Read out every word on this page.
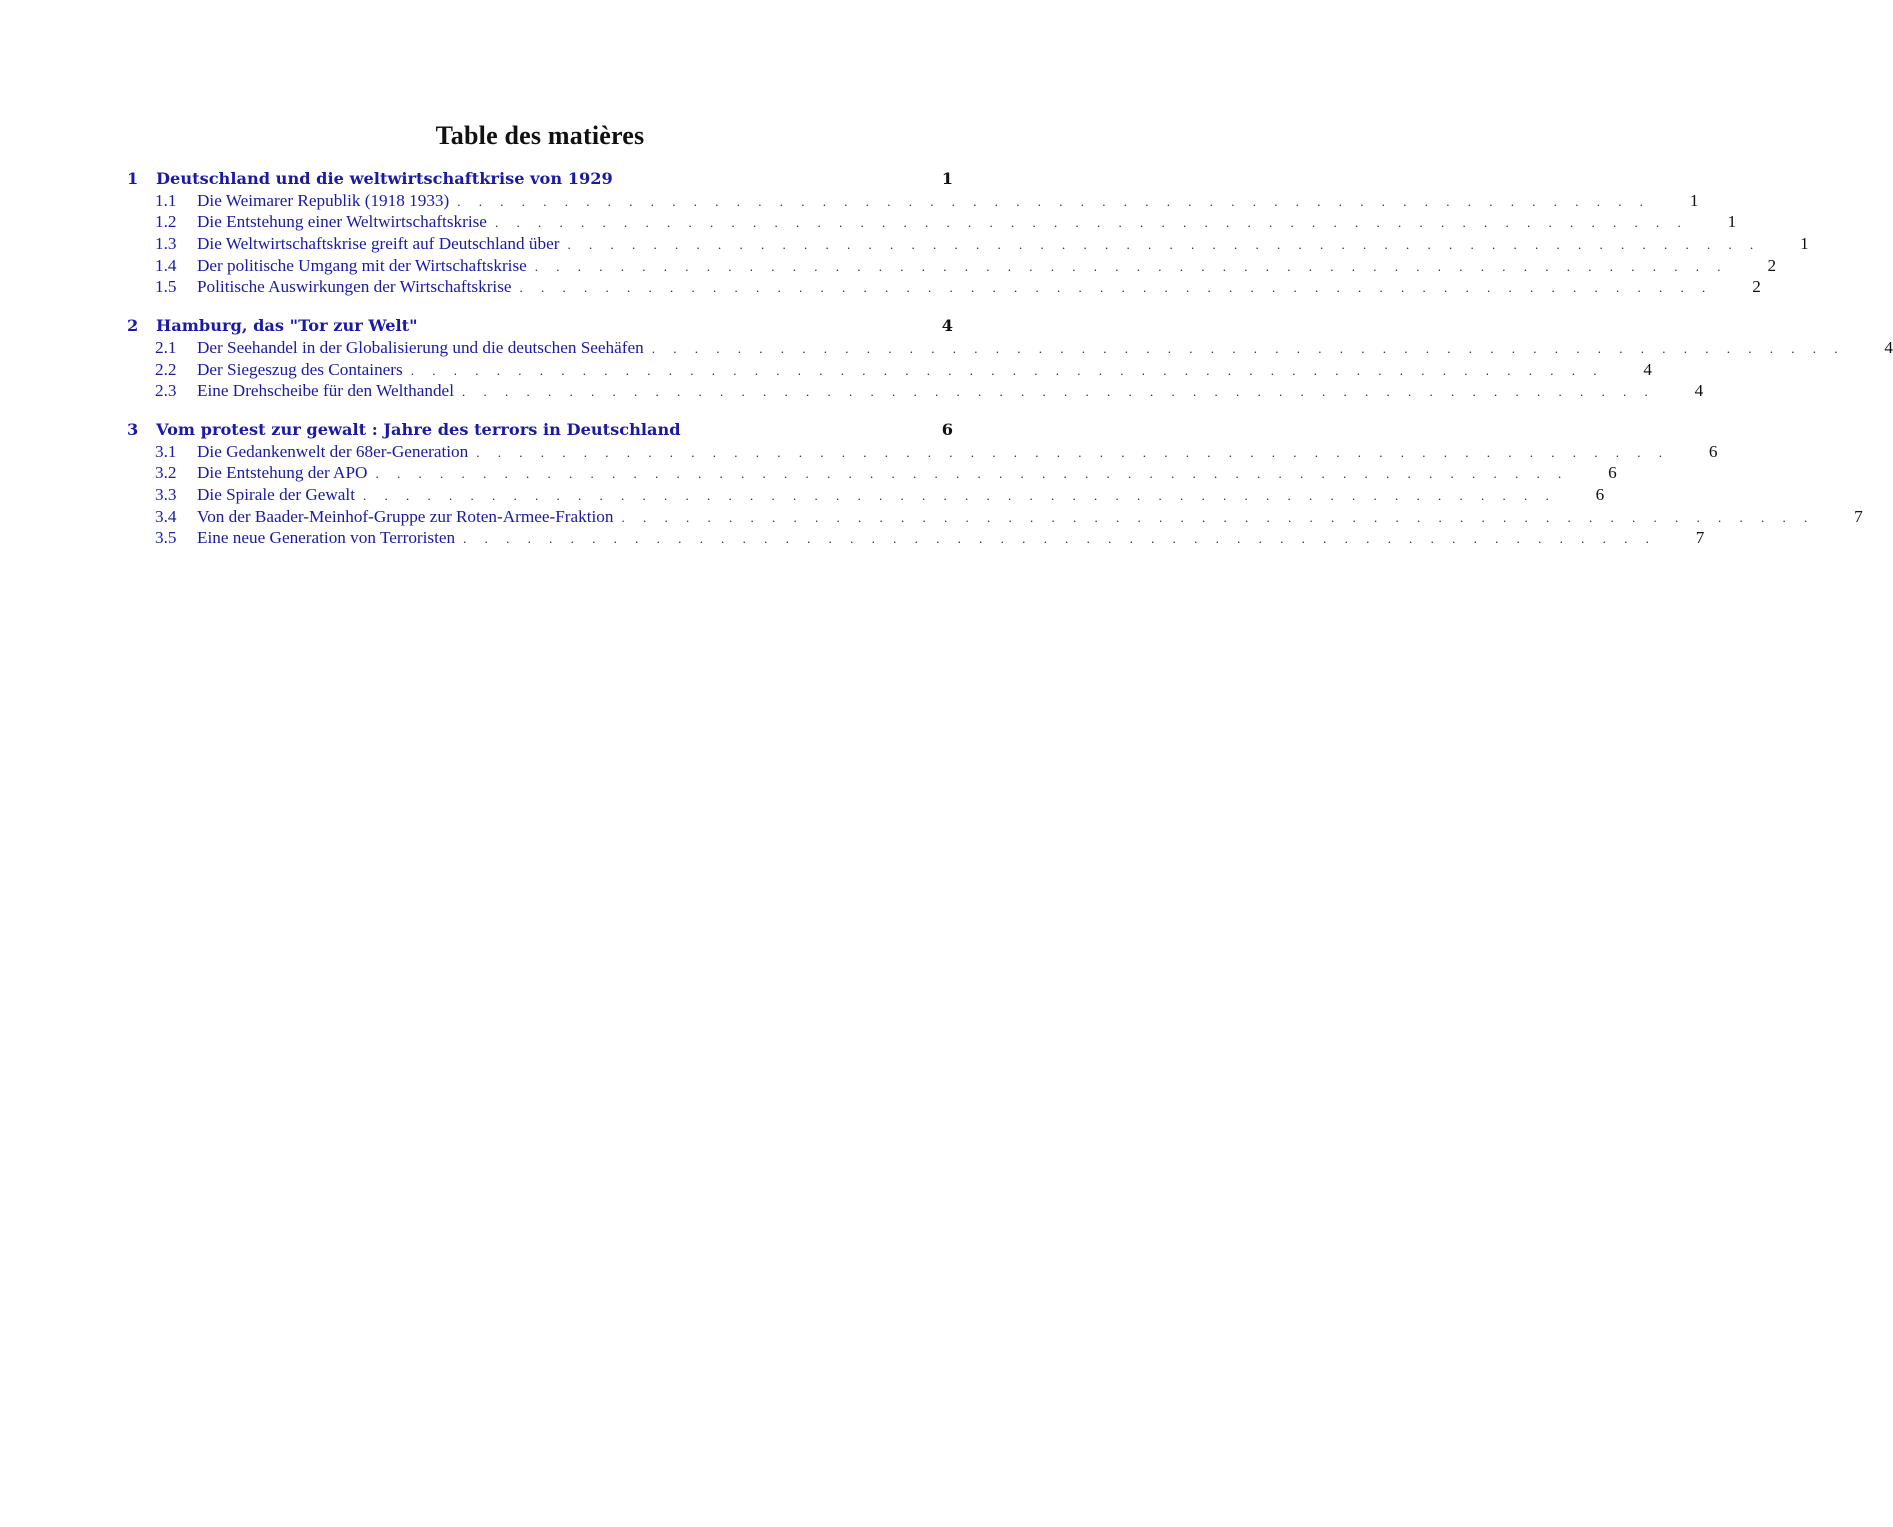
Table des matières
1	Deutschland und die weltwirtschaftkrise von 1929	1
1.1	Die Weimarer Republik (1918 1933) . . . . . . . . . . . . . . . . . . . . . . . . . . . . . . . . . . . . . . . . . . . . . . . . . . . . . . . .	1
1.2	Die Entstehung einer Weltwirtschaftskrise . . . . . . . . . . . . . . . . . . . . . . . . . . . . . . . . . . . . . . . . . . . . . . . . . . . . . . . .	1
1.3	Die Weltwirtschaftskrise greift auf Deutschland über . . . . . . . . . . . . . . . . . . . . . . . . . . . . . . . . . . . . . . . . . . . . . . . . . . . . . . . .	1
1.4	Der politische Umgang mit der Wirtschaftskrise . . . . . . . . . . . . . . . . . . . . . . . . . . . . . . . . . . . . . . . . . . . . . . . . . . . . . . . .	2
1.5	Politische Auswirkungen der Wirtschaftskrise . . . . . . . . . . . . . . . . . . . . . . . . . . . . . . . . . . . . . . . . . . . . . . . . . . . . . . . .	2
2	Hamburg, das "Tor zur Welt"	4
2.1	Der Seehandel in der Globalisierung und die deutschen Seehäfen . . . . . . . . . . . . . . . . . . . . . . . . . . . . . . . . . . . . . . . . . . . . . . . . . . . . . . . .	4
2.2	Der Siegeszug des Containers . . . . . . . . . . . . . . . . . . . . . . . . . . . . . . . . . . . . . . . . . . . . . . . . . . . . . . . .	4
2.3	Eine Drehscheibe für den Welthandel . . . . . . . . . . . . . . . . . . . . . . . . . . . . . . . . . . . . . . . . . . . . . . . . . . . . . . . .	4
3	Vom protest zur gewalt : Jahre des terrors in Deutschland	6
3.1	Die Gedankenwelt der 68er-Generation . . . . . . . . . . . . . . . . . . . . . . . . . . . . . . . . . . . . . . . . . . . . . . . . . . . . . . . .	6
3.2	Die Entstehung der APO . . . . . . . . . . . . . . . . . . . . . . . . . . . . . . . . . . . . . . . . . . . . . . . . . . . . . . . .	6
3.3	Die Spirale der Gewalt . . . . . . . . . . . . . . . . . . . . . . . . . . . . . . . . . . . . . . . . . . . . . . . . . . . . . . . .	6
3.4	Von der Baader-Meinhof-Gruppe zur Roten-Armee-Fraktion . . . . . . . . . . . . . . . . . . . . . . . . . . . . . . . . . . . . . . . . . . . . . . . . . . . . . . . .	7
3.5	Eine neue Generation von Terroristen . . . . . . . . . . . . . . . . . . . . . . . . . . . . . . . . . . . . . . . . . . . . . . . . . . . . . . . .	7
